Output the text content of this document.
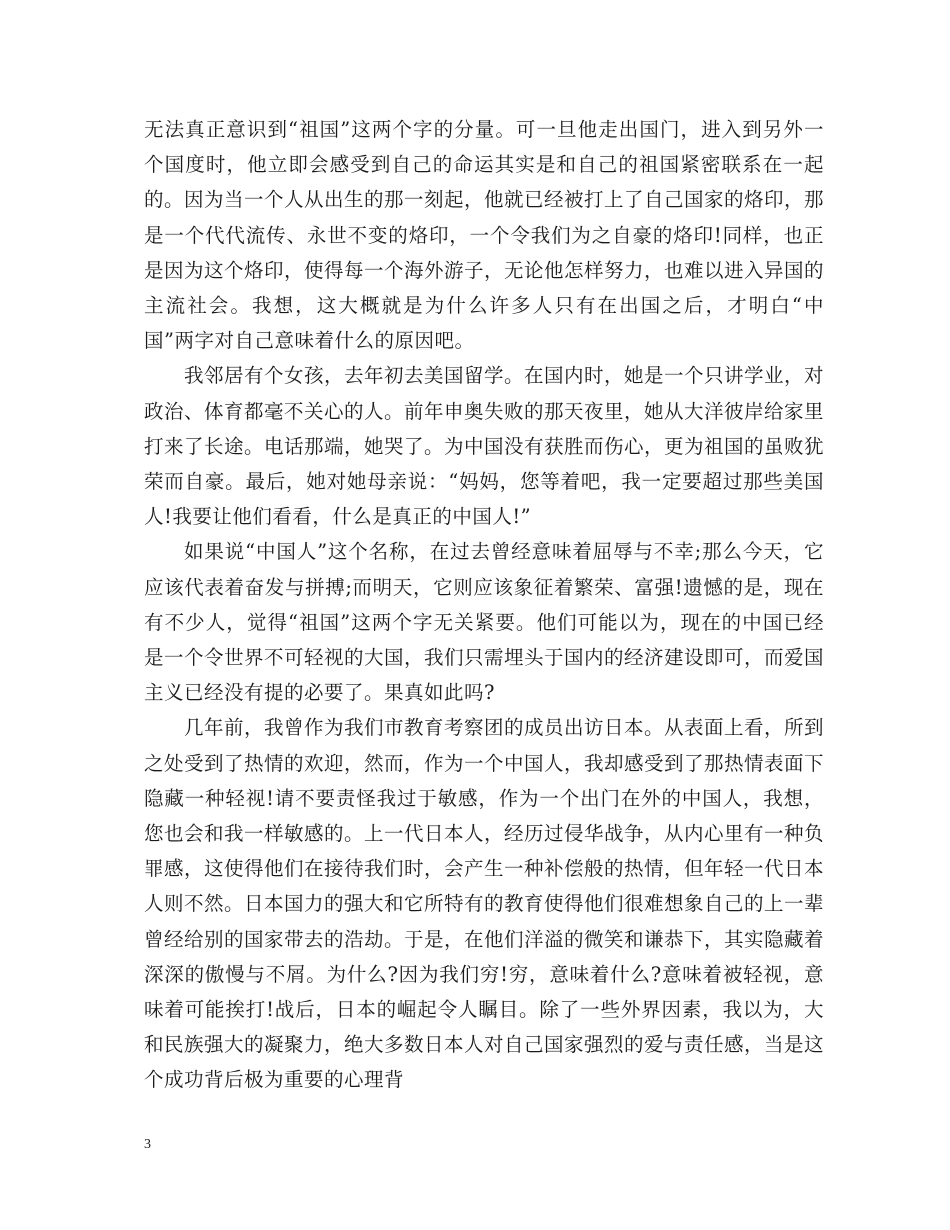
无法真正意识到“祖国”这两个字的分量。可一旦他走出国门，进入到另外一个国度时，他立即会感受到自己的命运其实是和自己的祖国紧密联系在一起的。因为当一个人从出生的那一刻起，他就已经被打上了自己国家的烙印，那是一个代代流传、永世不变的烙印，一个令我们为之自豪的烙印!同样，也正是因为这个烙印，使得每一个海外游子，无论他怎样努力，也难以进入异国的主流社会。我想，这大概就是为什么许多人只有在出国之后，才明白“中国”两字对自己意味着什么的原因吧。

我邻居有个女孩，去年初去美国留学。在国内时，她是一个只讲学业，对政治、体育都毫不关心的人。前年申奥失败的那天夜里，她从大洋彼岸给家里打来了长途。电话那端，她哭了。为中国没有获胜而伤心，更为祖国的虽败犹荣而自豪。最后，她对她母亲说：“妈妈，您等着吧，我一定要超过那些美国人!我要让他们看看，什么是真正的中国人!”

如果说“中国人”这个名称，在过去曾经意味着屈辱与不幸;那么今天，它应该代表着奋发与拼搏;而明天，它则应该象征着繁荣、富强!遗憾的是，现在有不少人，觉得“祖国”这两个字无关紧要。他们可能以为，现在的中国已经是一个令世界不可轻视的大国，我们只需埋头于国内的经济建设即可，而爱国主义已经没有提的必要了。果真如此吗?

几年前，我曾作为我们市教育考察团的成员出访日本。从表面上看，所到之处受到了热情的欢迎，然而，作为一个中国人，我却感受到了那热情表面下隐藏一种轻视!请不要责怪我过于敏感，作为一个出门在外的中国人，我想，您也会和我一样敏感的。上一代日本人，经历过侵华战争，从内心里有一种负罪感，这使得他们在接待我们时，会产生一种补偿般的热情，但年轻一代日本人则不然。日本国力的强大和它所特有的教育使得他们很难想象自己的上一辈曾经给别的国家带去的浩劫。于是，在他们洋溢的微笑和谦恭下，其实隐藏着深深的傲慢与不屑。为什么?因为我们穷!穷，意味着什么?意味着被轻视，意味着可能挨打!战后，日本的崛起令人瞩目。除了一些外界因素，我以为，大和民族强大的凝聚力，绝大多数日本人对自己国家强烈的爱与责任感，当是这个成功背后极为重要的心理背

3
